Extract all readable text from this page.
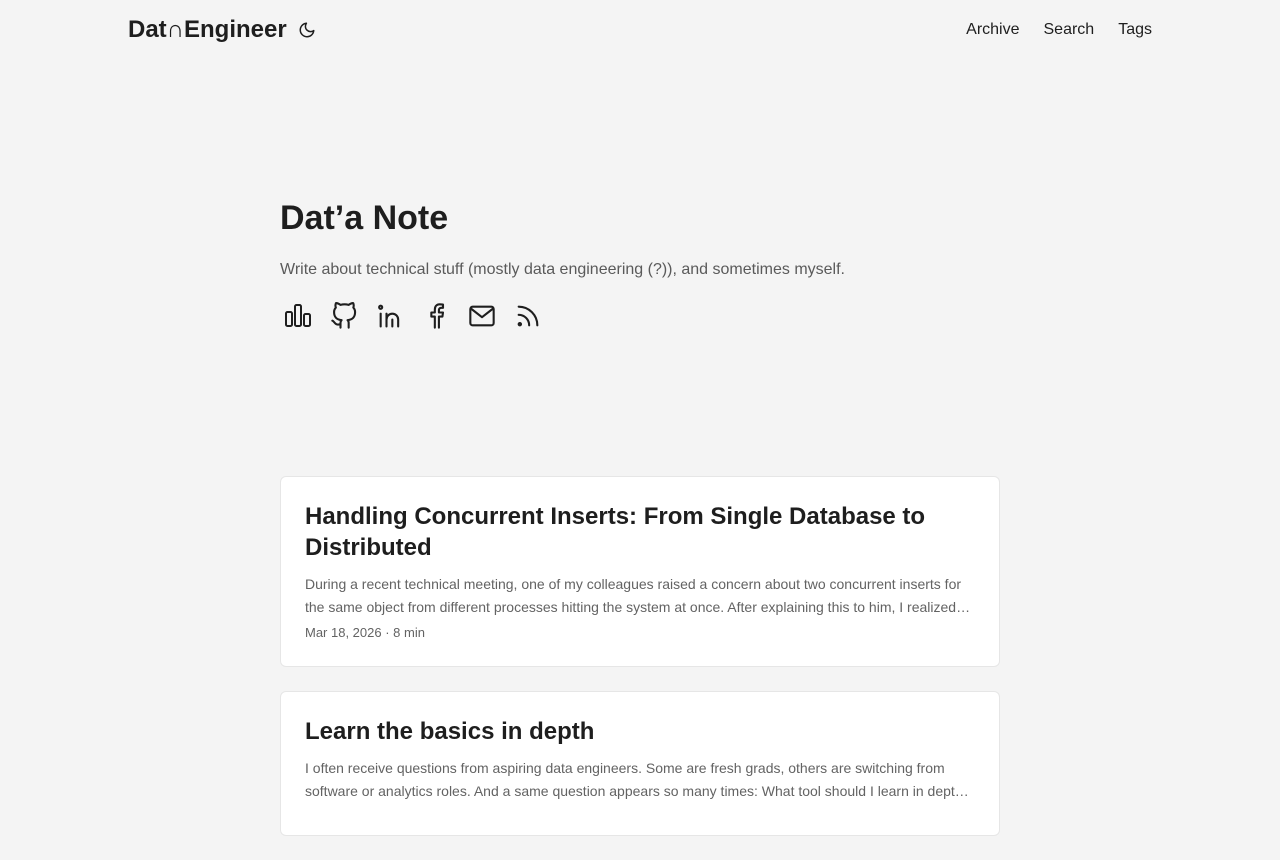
Dat ∩ Engineer	Archive Search Tags
Dat’a Note

Write about technical stuff (mostly data engineering (?)), and sometimes myself.

Handling Concurrent Inserts: From Single Database to Distributed

During a recent technical meeting, one of my colleagues raised a concern about two concurrent inserts for the same object from different processes hitting the system at once. After explaining this to him, I realized…

Mar 18, 2026 · 8 min
Learn the basics in depth

I often receive questions from aspiring data engineers. Some are fresh grads, others are switching from software or analytics roles. And a same question appears so many times: What tool should I learn in dept…
